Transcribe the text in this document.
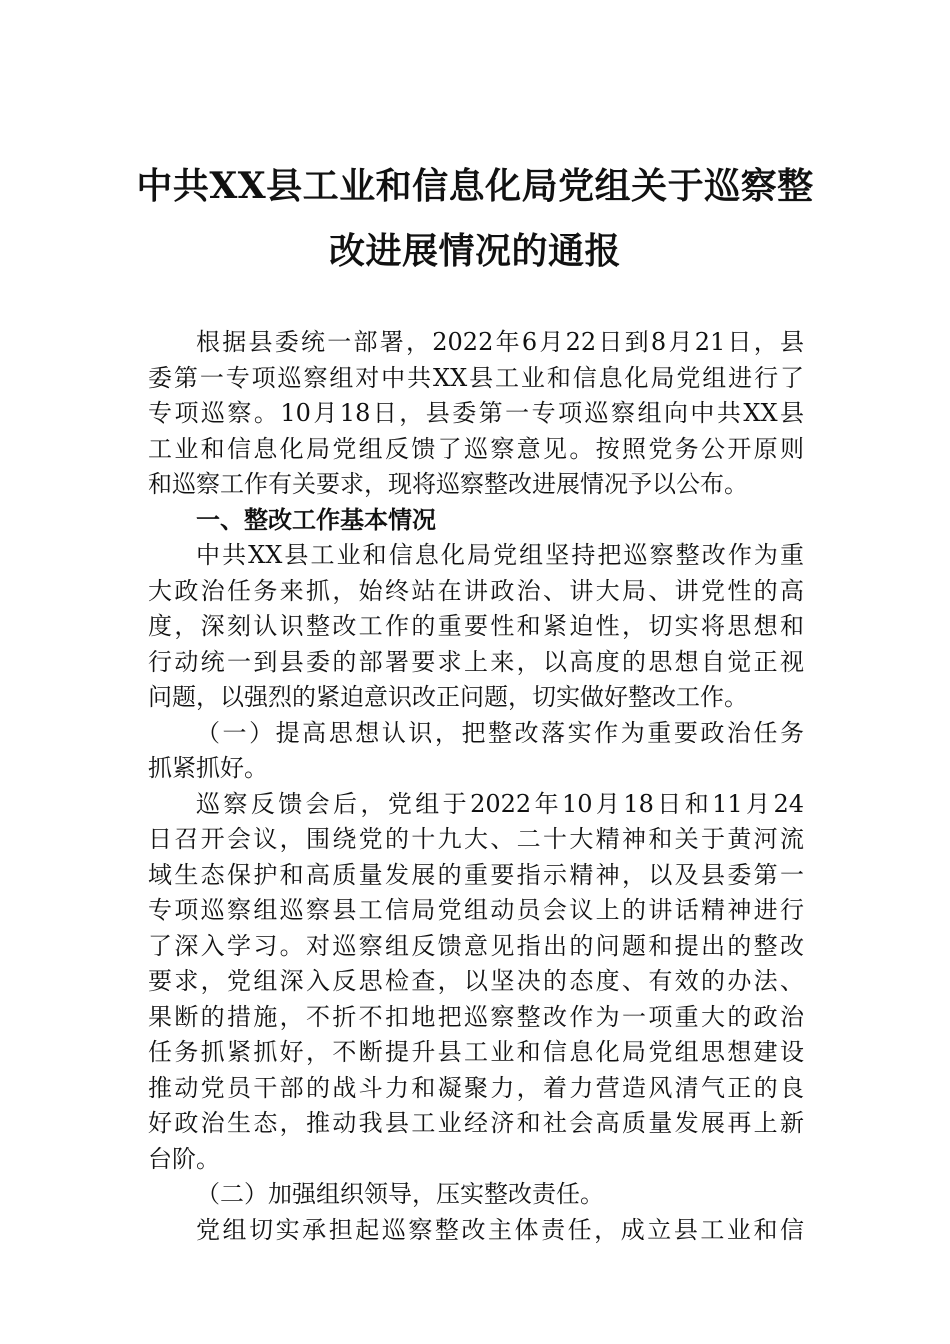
中共XX县工业和信息化局党组关于巡察整
改进展情况的通报
根据县委统一部署，2022年6月22日到8月21日，县
委第一专项巡察组对中共XX县工业和信息化局党组进行了
专项巡察。10月18日，县委第一专项巡察组向中共XX县
工业和信息化局党组反馈了巡察意见。按照党务公开原则
和巡察工作有关要求，现将巡察整改进展情况予以公布。
一、整改工作基本情况
中共XX县工业和信息化局党组坚持把巡察整改作为重
大政治任务来抓，始终站在讲政治、讲大局、讲党性的高
度，深刻认识整改工作的重要性和紧迫性，切实将思想和
行动统一到县委的部署要求上来，以高度的思想自觉正视
问题，以强烈的紧迫意识改正问题，切实做好整改工作。
（一）提高思想认识，把整改落实作为重要政治任务
抓紧抓好。
巡察反馈会后，党组于2022年10月18日和11月24
日召开会议，围绕党的十九大、二十大精神和关于黄河流
域生态保护和高质量发展的重要指示精神，以及县委第一
专项巡察组巡察县工信局党组动员会议上的讲话精神进行
了深入学习。对巡察组反馈意见指出的问题和提出的整改
要求，党组深入反思检查，以坚决的态度、有效的办法、
果断的措施，不折不扣地把巡察整改作为一项重大的政治
任务抓紧抓好，不断提升县工业和信息化局党组思想建设
推动党员干部的战斗力和凝聚力，着力营造风清气正的良
好政治生态，推动我县工业经济和社会高质量发展再上新
台阶。
（二）加强组织领导，压实整改责任。
党组切实承担起巡察整改主体责任，成立县工业和信
